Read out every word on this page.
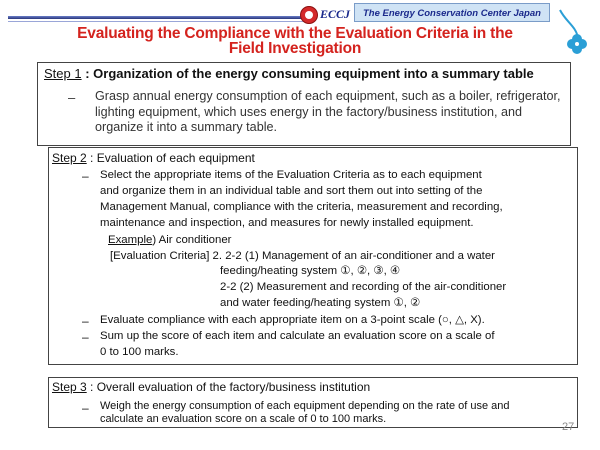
ECCJ	The Energy Conservation Center Japan
Evaluating the Compliance with the Evaluation Criteria in the
Field Investigation
Step 1 : Organization of the energy consuming equipment into a summary table
– Grasp annual energy consumption of each equipment, such as a boiler, refrigerator, lighting equipment, which uses energy in the factory/business institution, and organize it into a summary table.
Step 2 : Evaluation of each equipment
– Select the appropriate items of the Evaluation Criteria as to each equipment
and organize them in an individual table and sort them out into setting of the
Management Manual, compliance with the criteria, measurement and recording,
maintenance and inspection, and measures for newly installed equipment.
Example) Air conditioner
[Evaluation Criteria] 2. 2-2 (1) Management of an air-conditioner and a water
feeding/heating system ①, ②, ③, ④
2-2 (2) Measurement and recording of the air-conditioner
and water feeding/heating system ①, ②
– Evaluate compliance with each appropriate item on a 3-point scale (○, △, X).
– Sum up the score of each item and calculate an evaluation score on a scale of
0 to 100 marks.
Step 3 : Overall evaluation of the factory/business institution
– Weigh the energy consumption of each equipment depending on the rate of use and
calculate an evaluation score on a scale of 0 to 100 marks.
27
